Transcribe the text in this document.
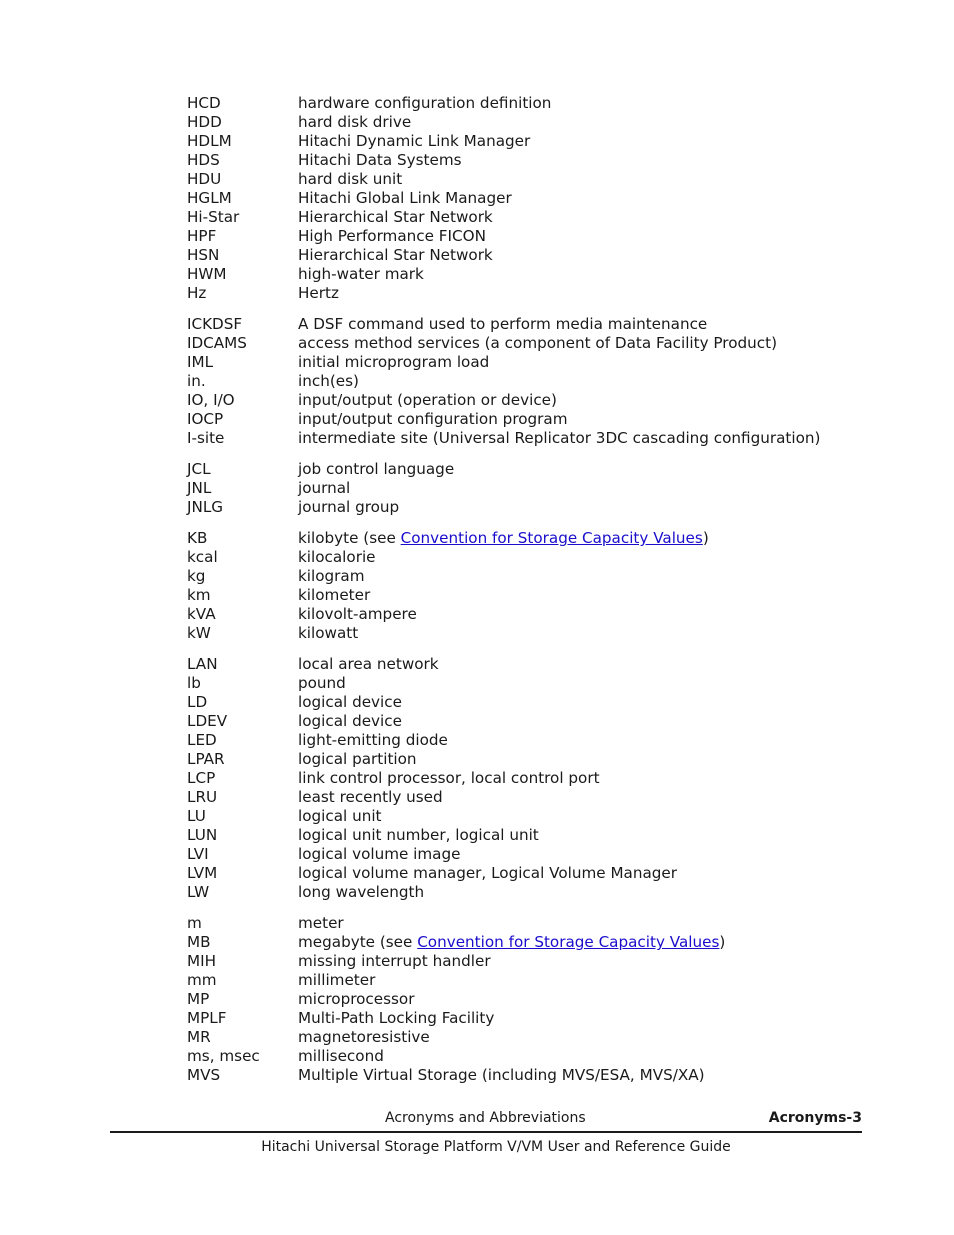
HCD	hardware configuration definition
HDD	hard disk drive
HDLM	Hitachi Dynamic Link Manager
HDS	Hitachi Data Systems
HDU	hard disk unit
HGLM	Hitachi Global Link Manager
Hi-Star	Hierarchical Star Network
HPF	High Performance FICON
HSN	Hierarchical Star Network
HWM	high-water mark
Hz	Hertz
ICKDSF	A DSF command used to perform media maintenance
IDCAMS	access method services (a component of Data Facility Product)
IML	initial microprogram load
in.	inch(es)
IO, I/O	input/output (operation or device)
IOCP	input/output configuration program
I-site	intermediate site (Universal Replicator 3DC cascading configuration)
JCL	job control language
JNL	journal
JNLG	journal group
KB	kilobyte (see Convention for Storage Capacity Values)
kcal	kilocalorie
kg	kilogram
km	kilometer
kVA	kilovolt-ampere
kW	kilowatt
LAN	local area network
lb	pound
LD	logical device
LDEV	logical device
LED	light-emitting diode
LPAR	logical partition
LCP	link control processor, local control port
LRU	least recently used
LU	logical unit
LUN	logical unit number, logical unit
LVI	logical volume image
LVM	logical volume manager, Logical Volume Manager
LW	long wavelength
m	meter
MB	megabyte (see Convention for Storage Capacity Values)
MIH	missing interrupt handler
mm	millimeter
MP	microprocessor
MPLF	Multi-Path Locking Facility
MR	magnetoresistive
ms, msec	millisecond
MVS	Multiple Virtual Storage (including MVS/ESA, MVS/XA)
Acronyms and Abbreviations	Acronyms-3
Hitachi Universal Storage Platform V/VM User and Reference Guide
